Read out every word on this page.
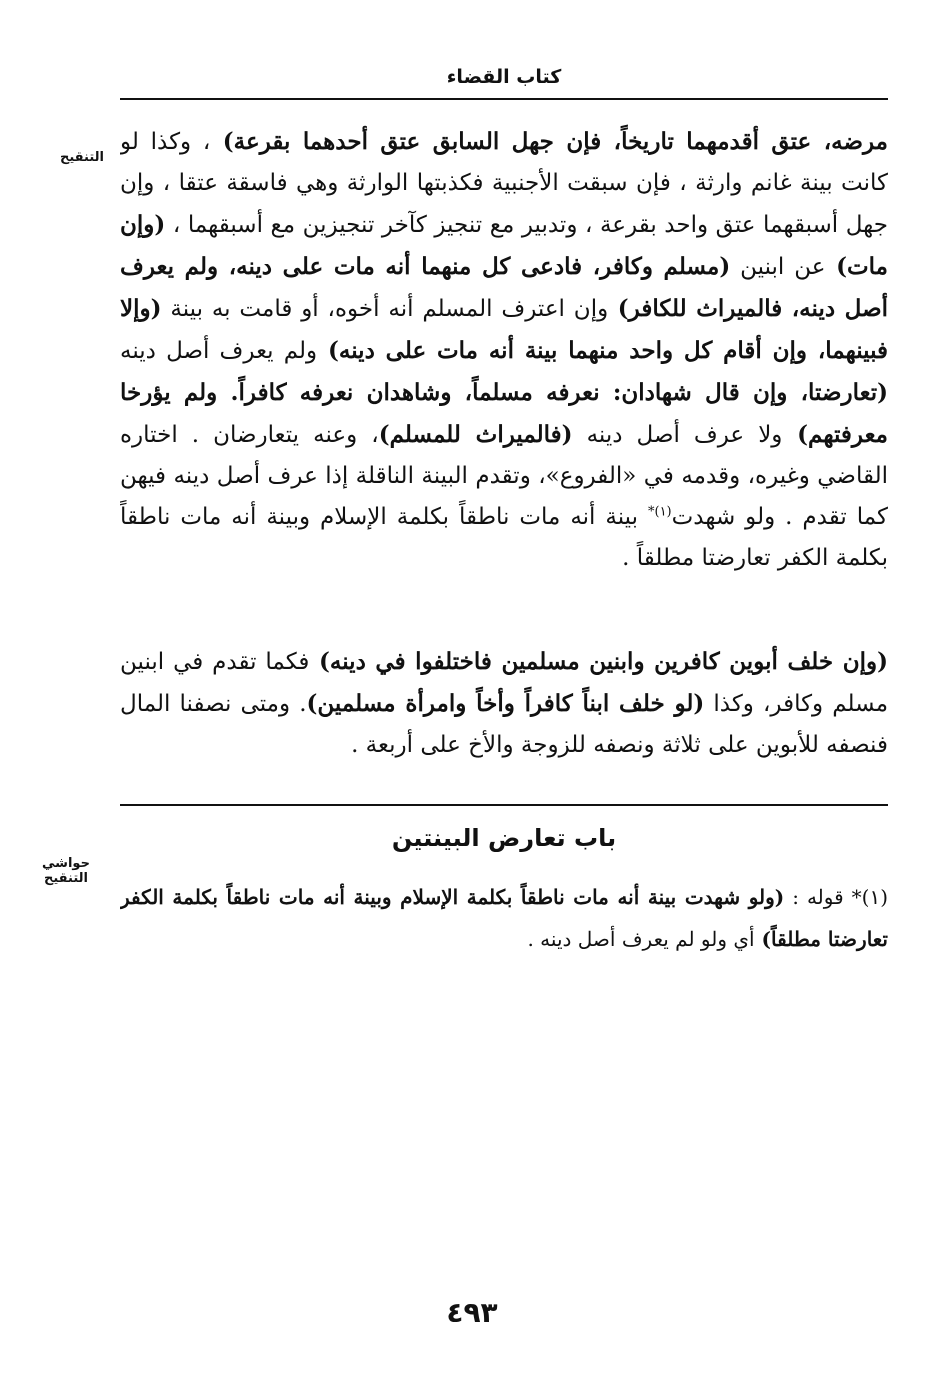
كتاب القضاء
التنقيح
حواشي التنقيح
مرضه، عتق أقدمهما تاريخاً، فإن جهل السابق عتق أحدهما بقرعة) ، وكذا لو كانت بينة غانم وارثة ، فإن سبقت الأجنبية فكذبتها الوارثة وهي فاسقة عتقا ، وإن جهل أسبقهما عتق واحد بقرعة ، وتدبير مع تنجيز كآخر تنجيزين مع أسبقهما ، (وإن مات) عن ابنين (مسلم وكافر، فادعى كل منهما أنه مات على دينه، ولم يعرف أصل دينه، فالميراث للكافر) وإن اعترف المسلم أنه أخوه، أو قامت به بينة (وإلا فبينهما، وإن أقام كل واحد منهما بينة أنه مات على دينه) ولم يعرف أصل دينه (تعارضتا، وإن قال شهادان: نعرفه مسلماً، وشاهدان نعرفه كافراً. ولم يؤرخا معرفتهم) ولا عرف أصل دينه (فالميراث للمسلم)، وعنه يتعارضان . اختاره القاضي وغيره، وقدمه في «الفروع»، وتقدم البينة الناقلة إذا عرف أصل دينه فيهن كما تقدم . ولو شهدت$^{(١)*}$ بينة أنه مات ناطقاً بكلمة الإسلام وبينة أنه مات ناطقاً بكلمة الكفر تعارضتا مطلقاً .
(وإن خلف أبوين كافرين وابنين مسلمين فاختلفوا في دينه) فكما تقدم في ابنين مسلم وكافر، وكذا (لو خلف ابناً كافراً وأخاً وامرأة مسلمين). ومتى نصفنا المال فنصفه للأبوين على ثلاثة ونصفه للزوجة والأخ على أربعة .
باب تعارض البينتين
(١)* قوله : (ولو شهدت بينة أنه مات ناطقاً بكلمة الإسلام وبينة أنه مات ناطقاً بكلمة الكفر تعارضتا مطلقاً) أي ولو لم يعرف أصل دينه .
٤٩٣
